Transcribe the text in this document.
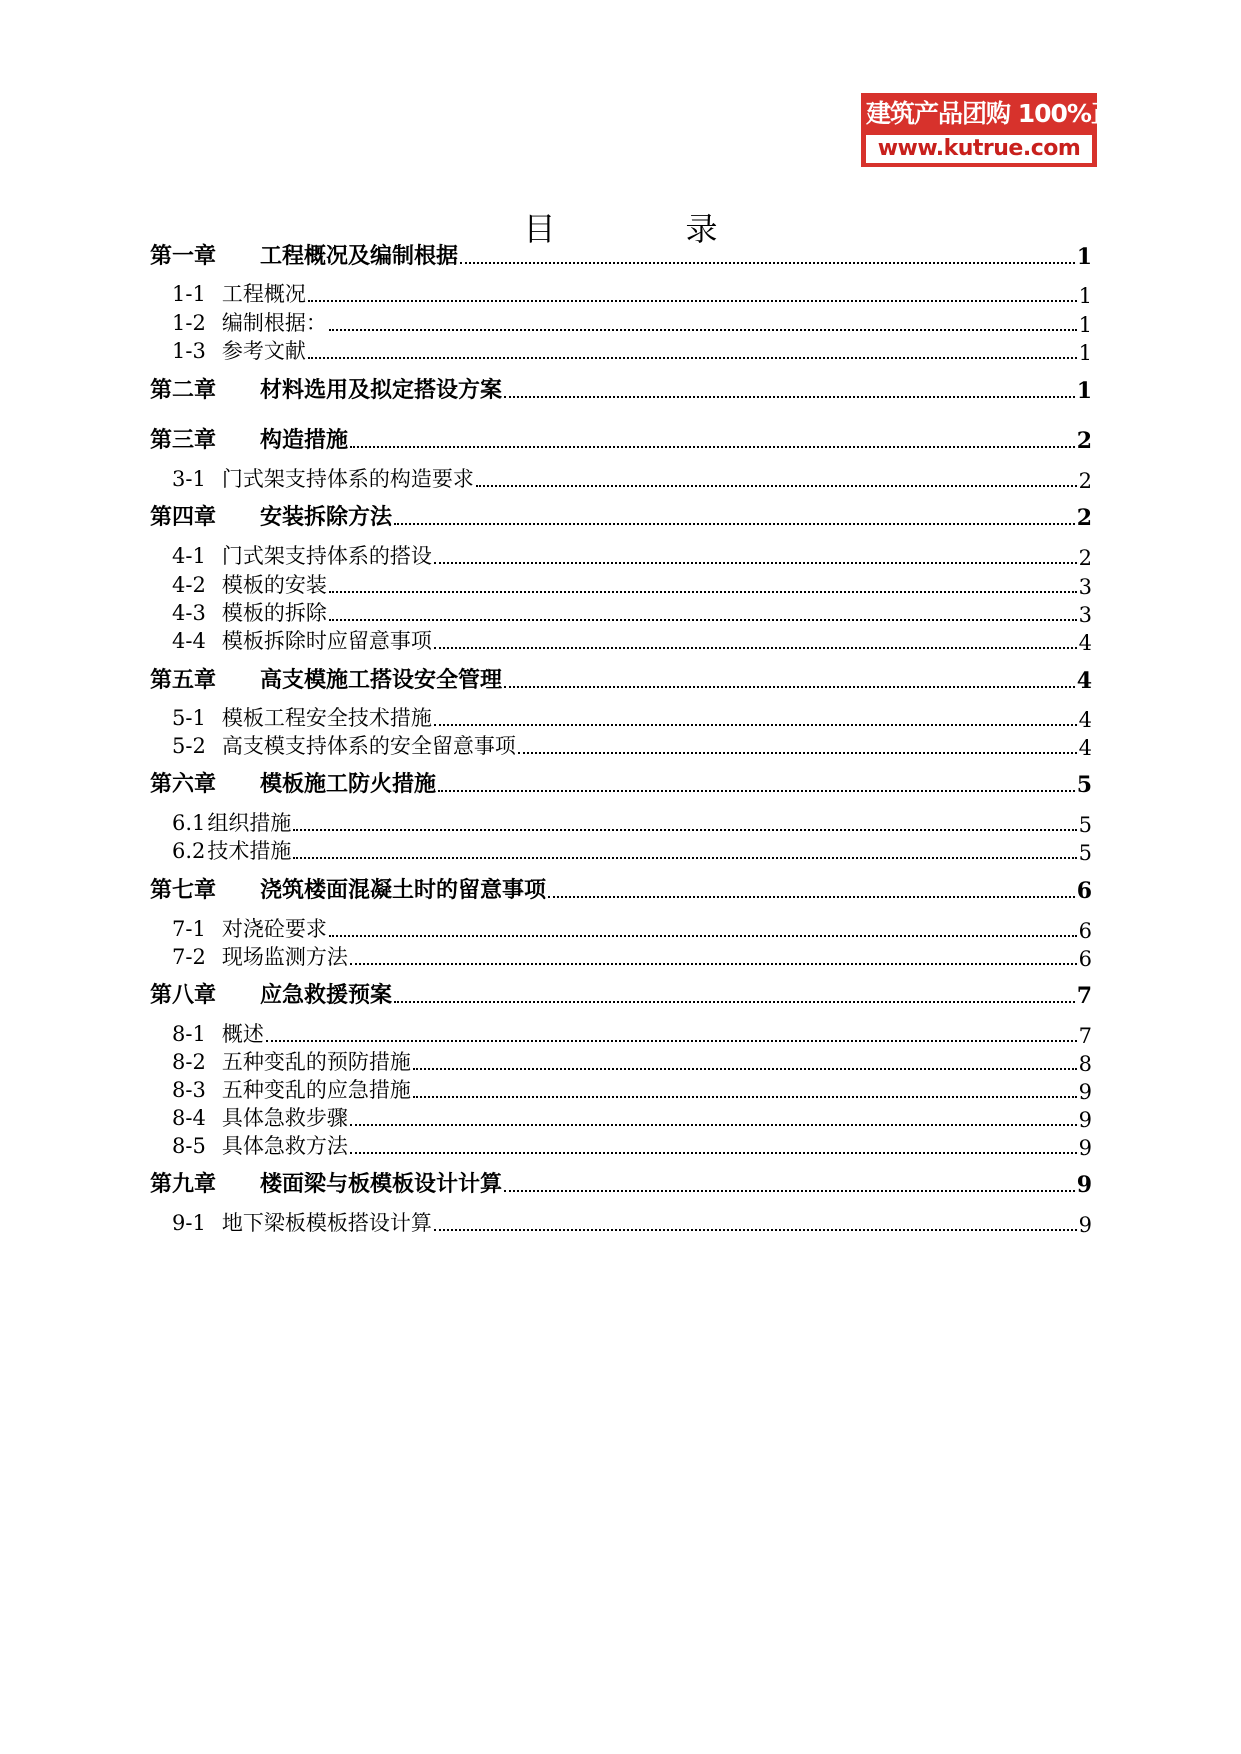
建筑产品团购 100%正品
www.kutrue.com
目	录
第一章 工程概况及编制根据	1
1-1 工程概况	1
1-2 编制根据：	1
1-3 参考文献	1
第二章 材料选用及拟定搭设方案	1
第三章 构造措施	2
3-1 门式架支持体系的构造要求	2
第四章 安装拆除方法	2
4-1 门式架支持体系的搭设	2
4-2 模板的安装	3
4-3 模板的拆除	3
4-4 模板拆除时应留意事项	4
第五章 高支模施工搭设安全管理	4
5-1 模板工程安全技术措施	4
5-2 高支模支持体系的安全留意事项	4
第六章 模板施工防火措施	5
6.1组织措施	5
6.2技术措施	5
第七章 浇筑楼面混凝土时的留意事项	6
7-1 对浇砼要求	6
7-2 现场监测方法	6
第八章 应急救援预案	7
8-1 概述	7
8-2 五种变乱的预防措施	8
8-3 五种变乱的应急措施	9
8-4 具体急救步骤	9
8-5 具体急救方法	9
第九章 楼面梁与板模板设计计算	9
9-1 地下梁板模板搭设计算	9
